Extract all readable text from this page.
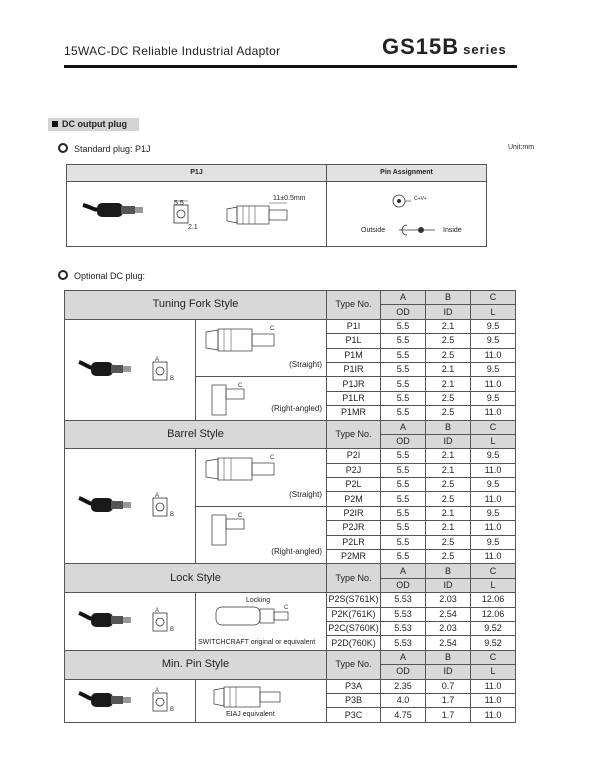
15WAC-DC Reliable Industrial Adaptor	GS15B series
DC output plug
Standard plug: P1J	Unit:mm
P1J	Pin Assignment
5.5
2.1
11±0.5mm	C+V+
Outside	Inside
Optional DC plug:
Tuning Fork Style		Type No.	A	B	C
			OD	ID	L

A
B	C
(Straight)	P1I	5.5	2.1	9.5
		P1L	5.5	2.5	9.5
		P1M	5.5	2.5	11.0
		P1IR	5.5	2.1	9.5

C
(Right-angled)	P1JR	5.5	2.1	11.0
		P1LR	5.5	2.5	9.5
		P1MR	5.5	2.5	11.0
Barrel Style		Type No.	A	B	C
			OD	ID	L

A
B	C
(Straight)	P2I	5.5	2.1	9.5
		P2J	5.5	2.1	11.0
		P2L	5.5	2.5	9.5
		P2M	5.5	2.5	11.0

C
(Right-angled)	P2IR	5.5	2.1	9.5
		P2JR	5.5	2.1	11.0
		P2LR	5.5	2.5	9.5
		P2MR	5.5	2.5	11.0
Lock Style		Type No.	A	B	C
			OD	ID	L

A
B	Locking
C
SWITCHCRAFT original or equivalent	P2S(S761K)	5.53	2.03	12.06
		P2K(761K)	5.53	2.54	12.06
		P2C(S760K)	5.53	2.03	9.52
		P2D(760K)	5.53	2.54	9.52
Min. Pin Style		Type No.	A	B	C
			OD	ID	L

A
B	EIAJ equivalent	P3A	2.35	0.7	11.0
		P3B	4.0	1.7	11.0
		P3C	4.75	1.7	11.0
